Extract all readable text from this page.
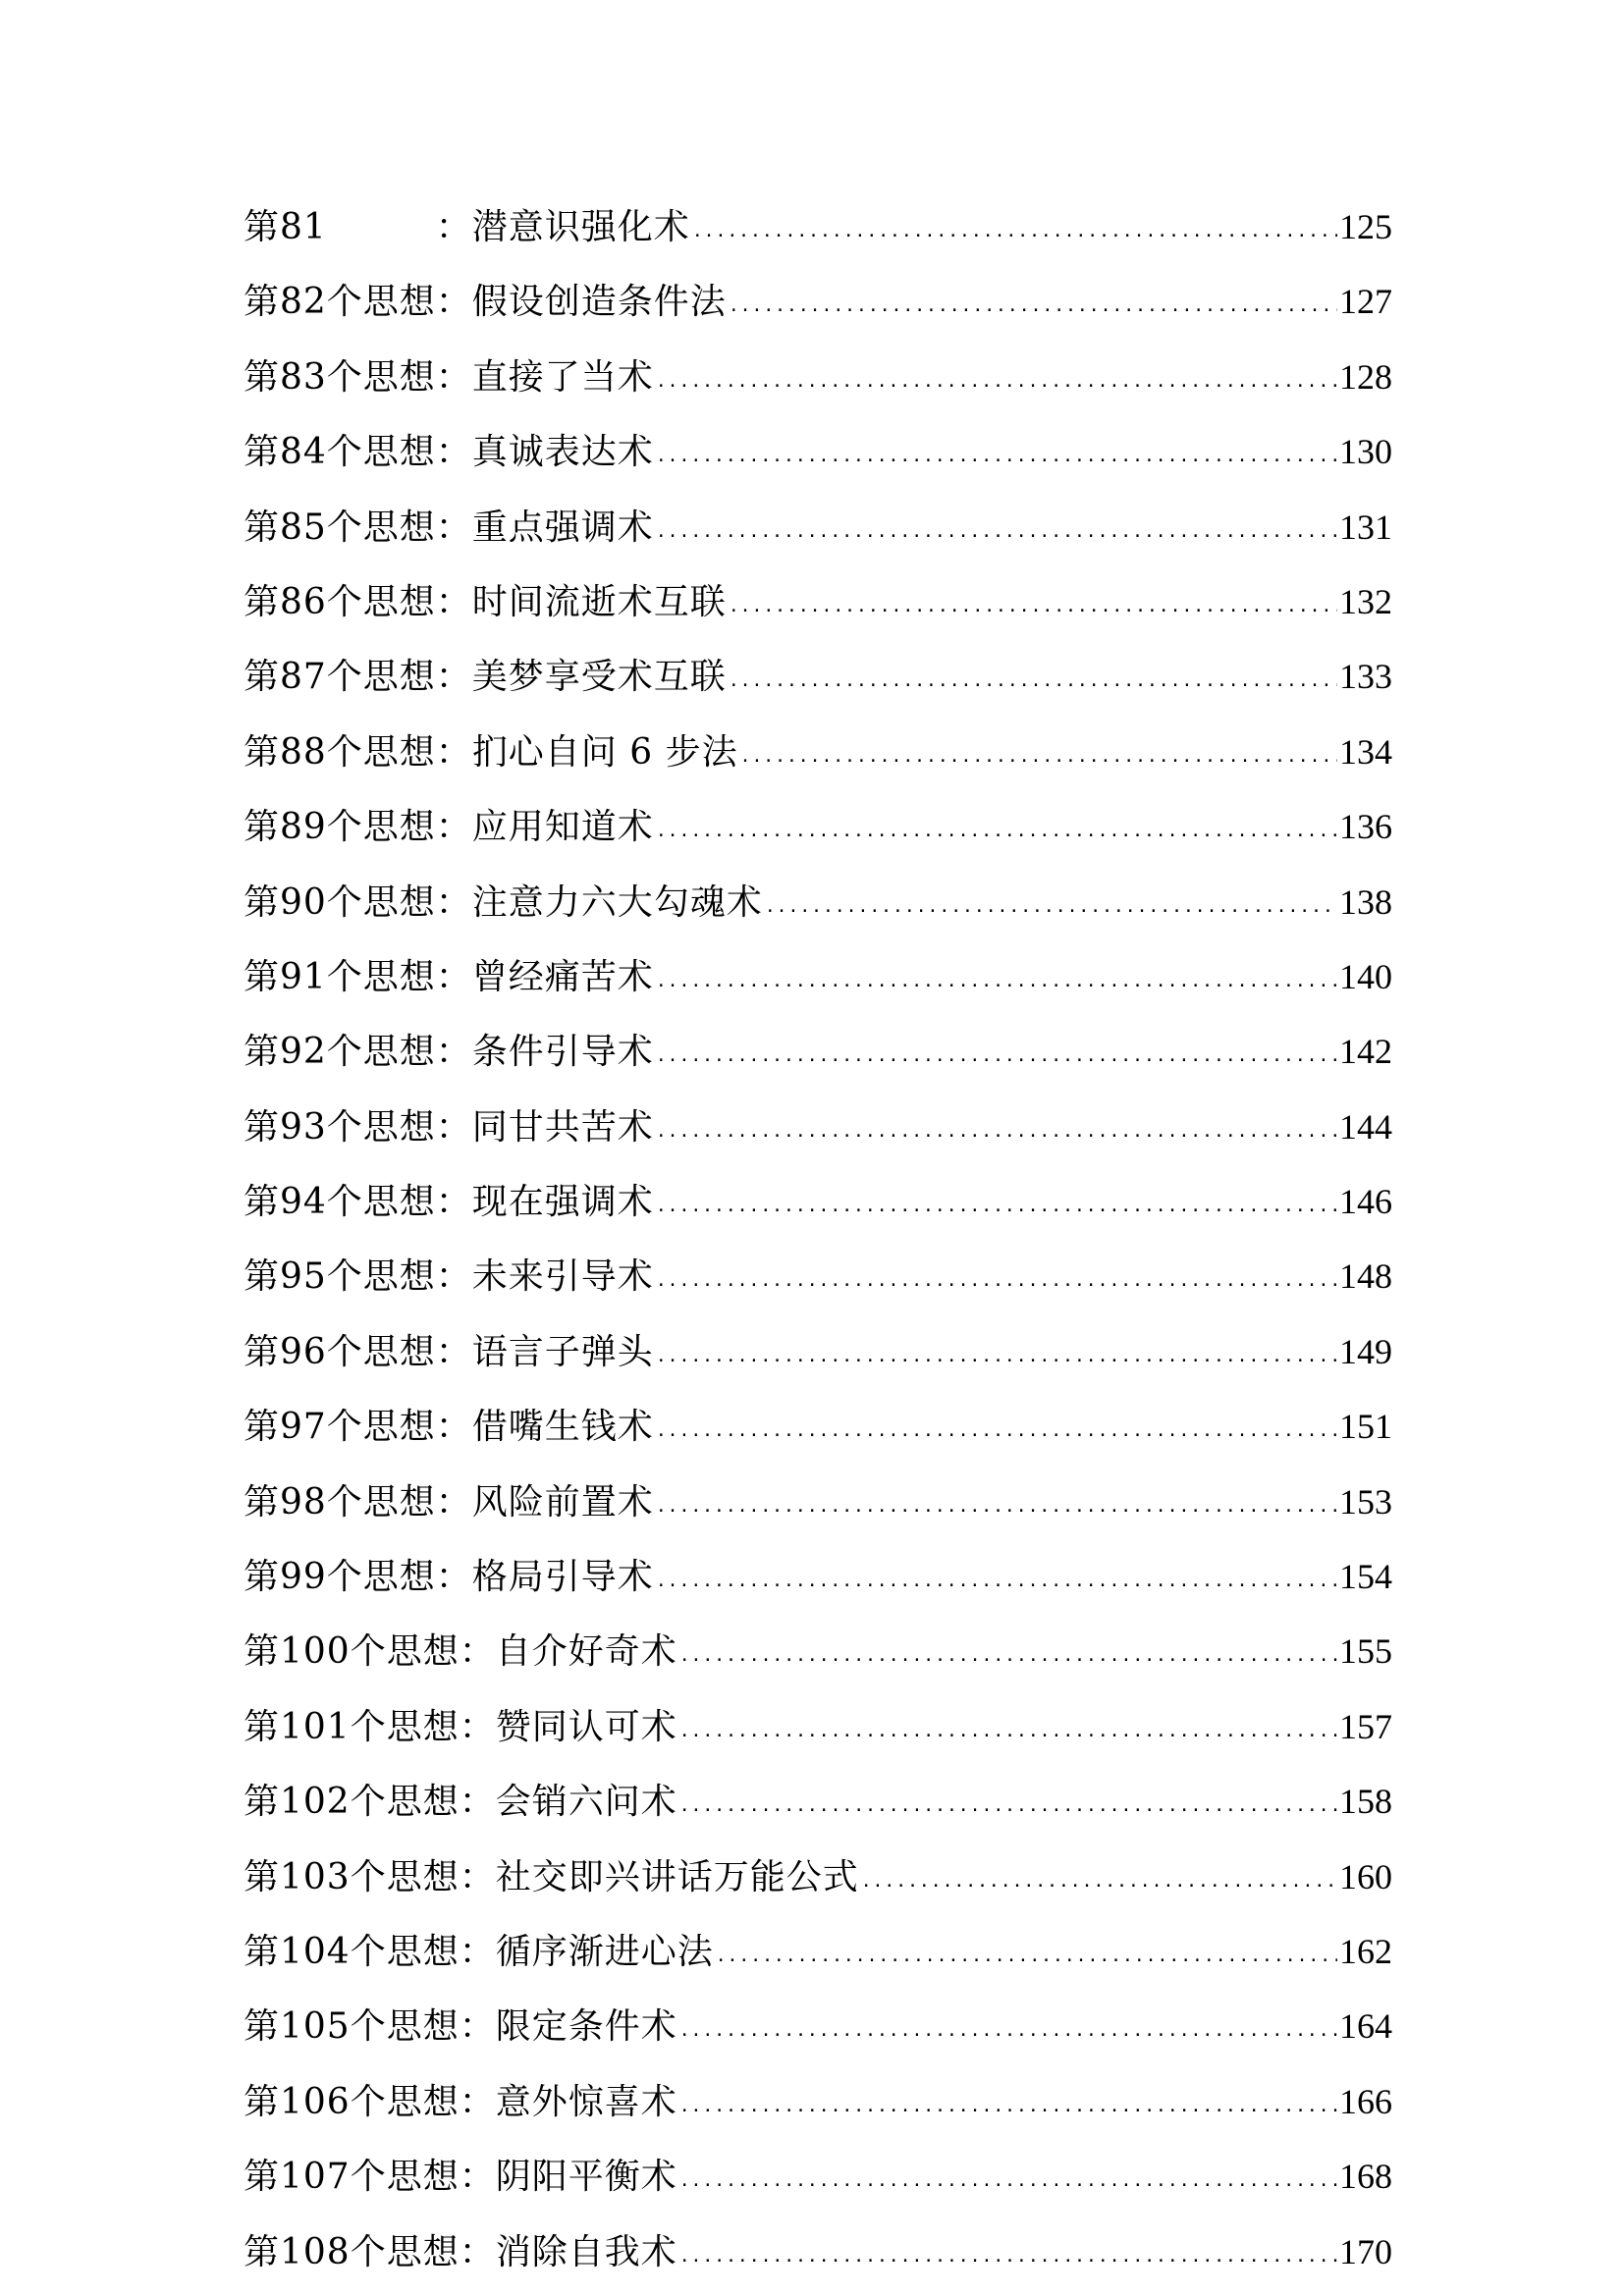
第81　　　：潜意识强化术 .....	125
第82个思想：假设创造条件法 .....	127
第83个思想：直接了当术 .....	128
第84个思想：真诚表达术 .....	130
第85个思想：重点强调术 .....	131
第86个思想：时间流逝术互联 .....	132
第87个思想：美梦享受术互联 .....	133
第88个思想：扪心自问 6 步法 .....	134
第89个思想：应用知道术 .....	136
第90个思想：注意力六大勾魂术 .....	138
第91个思想：曾经痛苦术 .....	140
第92个思想：条件引导术 .....	142
第93个思想：同甘共苦术 .....	144
第94个思想：现在强调术 .....	146
第95个思想：未来引导术 .....	148
第96个思想：语言子弹头 .....	149
第97个思想：借嘴生钱术 .....	151
第98个思想：风险前置术 .....	153
第99个思想：格局引导术 .....	154
第100个思想：自介好奇术 .....	155
第101个思想：赞同认可术 .....	157
第102个思想：会销六问术 .....	158
第103个思想：社交即兴讲话万能公式 .....	160
第104个思想：循序渐进心法 .....	162
第105个思想：限定条件术 .....	164
第106个思想：意外惊喜术 .....	166
第107个思想：阴阳平衡术 .....	168
第108个思想：消除自我术 .....	170
